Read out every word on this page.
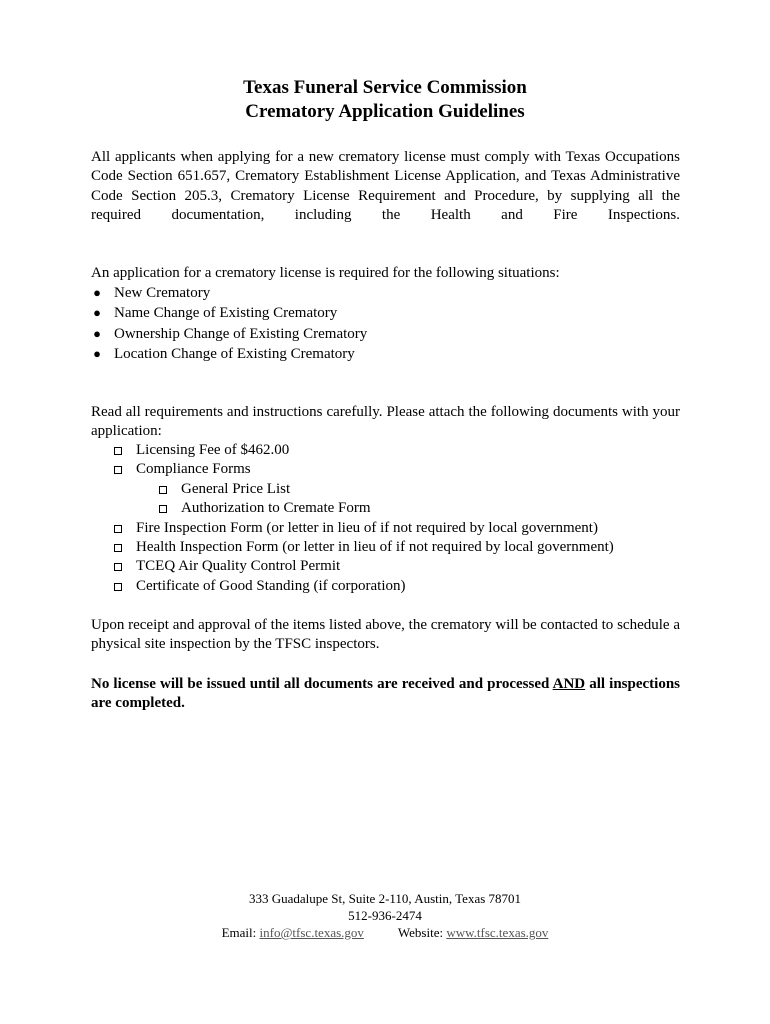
Texas Funeral Service Commission
Crematory Application Guidelines

All applicants when applying for a new crematory license must comply with Texas Occupations Code Section 651.657, Crematory Establishment License Application, and Texas Administrative Code Section 205.3, Crematory License Requirement and Procedure, by supplying all the required documentation, including the Health and Fire Inspections.

An application for a crematory license is required for the following situations:

● New Crematory
● Name Change of Existing Crematory
● Ownership Change of Existing Crematory
● Location Change of Existing Crematory

Read all requirements and instructions carefully. Please attach the following documents with your application:

Licensing Fee of $462.00
Compliance Forms
General Price List
Authorization to Cremate Form
Fire Inspection Form (or letter in lieu of if not required by local government)
Health Inspection Form (or letter in lieu of if not required by local government)
TCEQ Air Quality Control Permit
Certificate of Good Standing (if corporation)

Upon receipt and approval of the items listed above, the crematory will be contacted to schedule a physical site inspection by the TFSC inspectors.

No license will be issued until all documents are received and processed AND all inspections are completed.

333 Guadalupe St, Suite 2-110, Austin, Texas 78701
512-936-2474
Email: info@tfsc.texas.gov	Website: www.tfsc.texas.gov
